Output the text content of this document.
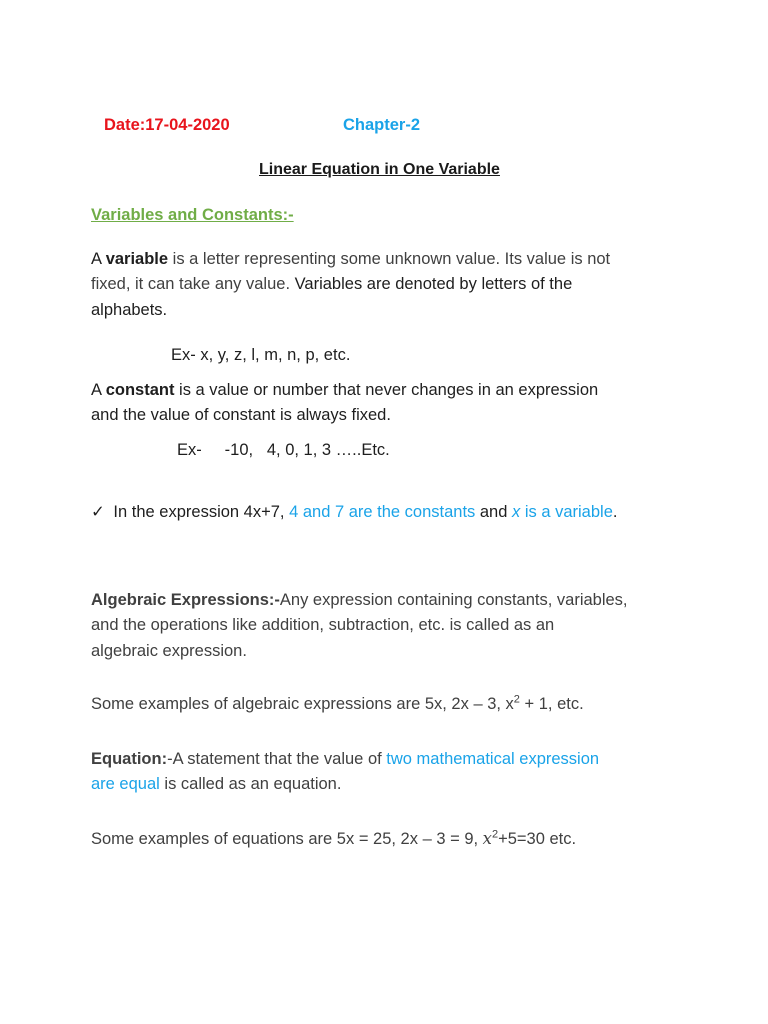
Date:17-04-2020	Chapter-2
Linear Equation in One Variable
Variables and Constants:-
A variable is a letter representing some unknown value. Its value is not
fixed, it can take any value. Variables are denoted by letters of the
alphabets.
Ex- x, y, z, l, m, n, p, etc.
A constant is a value or number that never changes in an expression
and the value of constant is always fixed.
Ex-     -10,   4, 0, 1, 3 …..Etc.
✓ In the expression 4x+7, 4 and 7 are the constants and x is a variable.
Algebraic Expressions:-Any expression containing constants, variables,
and the operations like addition, subtraction, etc. is called as an
algebraic expression.
Some examples of algebraic expressions are 5x, 2x – 3, $x^2 + 1$, etc.
Equation:-A statement that the value of two mathematical expression
are equal is called as an equation.
Some examples of equations are 5x = 25, 2x – 3 = 9, $x^2+5=30$ etc.
